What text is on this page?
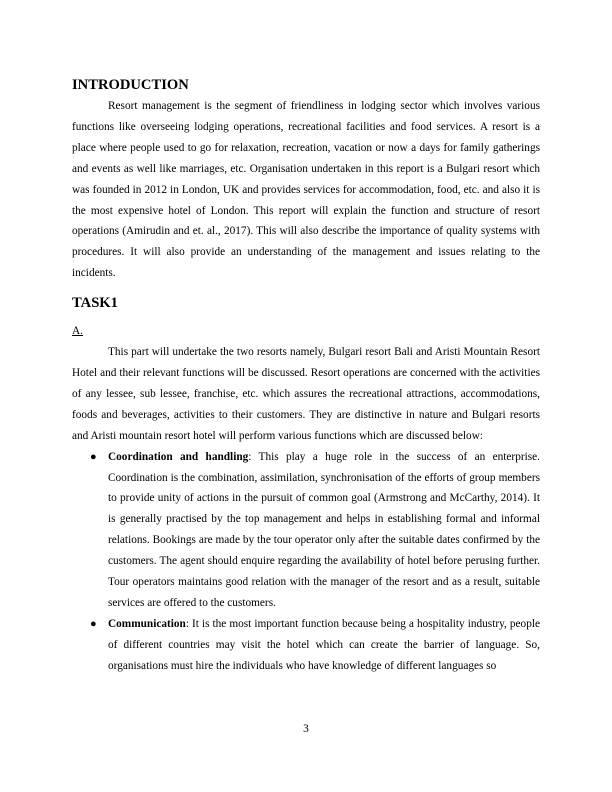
INTRODUCTION

Resort management is the segment of friendliness in lodging sector which involves various functions like overseeing lodging operations, recreational facilities and food services. A resort is a place where people used to go for relaxation, recreation, vacation or now a days for family gatherings and events as well like marriages, etc. Organisation undertaken in this report is a Bulgari resort which was founded in 2012 in London, UK and provides services for accommodation, food, etc. and also it is the most expensive hotel of London. This report will explain the function and structure of resort operations (Amirudin and et. al., 2017). This will also describe the importance of quality systems with procedures. It will also provide an understanding of the management and issues relating to the incidents.

TASK1

A.

This part will undertake the two resorts namely, Bulgari resort Bali and Aristi Mountain Resort Hotel and their relevant functions will be discussed. Resort operations are concerned with the activities of any lessee, sub lessee, franchise, etc. which assures the recreational attractions, accommodations, foods and beverages, activities to their customers. They are distinctive in nature and Bulgari resorts and Aristi mountain resort hotel will perform various functions which are discussed below:

● Coordination and handling: This play a huge role in the success of an enterprise. Coordination is the combination, assimilation, synchronisation of the efforts of group members to provide unity of actions in the pursuit of common goal (Armstrong and McCarthy, 2014). It is generally practised by the top management and helps in establishing formal and informal relations. Bookings are made by the tour operator only after the suitable dates confirmed by the customers. The agent should enquire regarding the availability of hotel before perusing further. Tour operators maintains good relation with the manager of the resort and as a result, suitable services are offered to the customers.
● Communication: It is the most important function because being a hospitality industry, people of different countries may visit the hotel which can create the barrier of language. So, organisations must hire the individuals who have knowledge of different languages so
3
